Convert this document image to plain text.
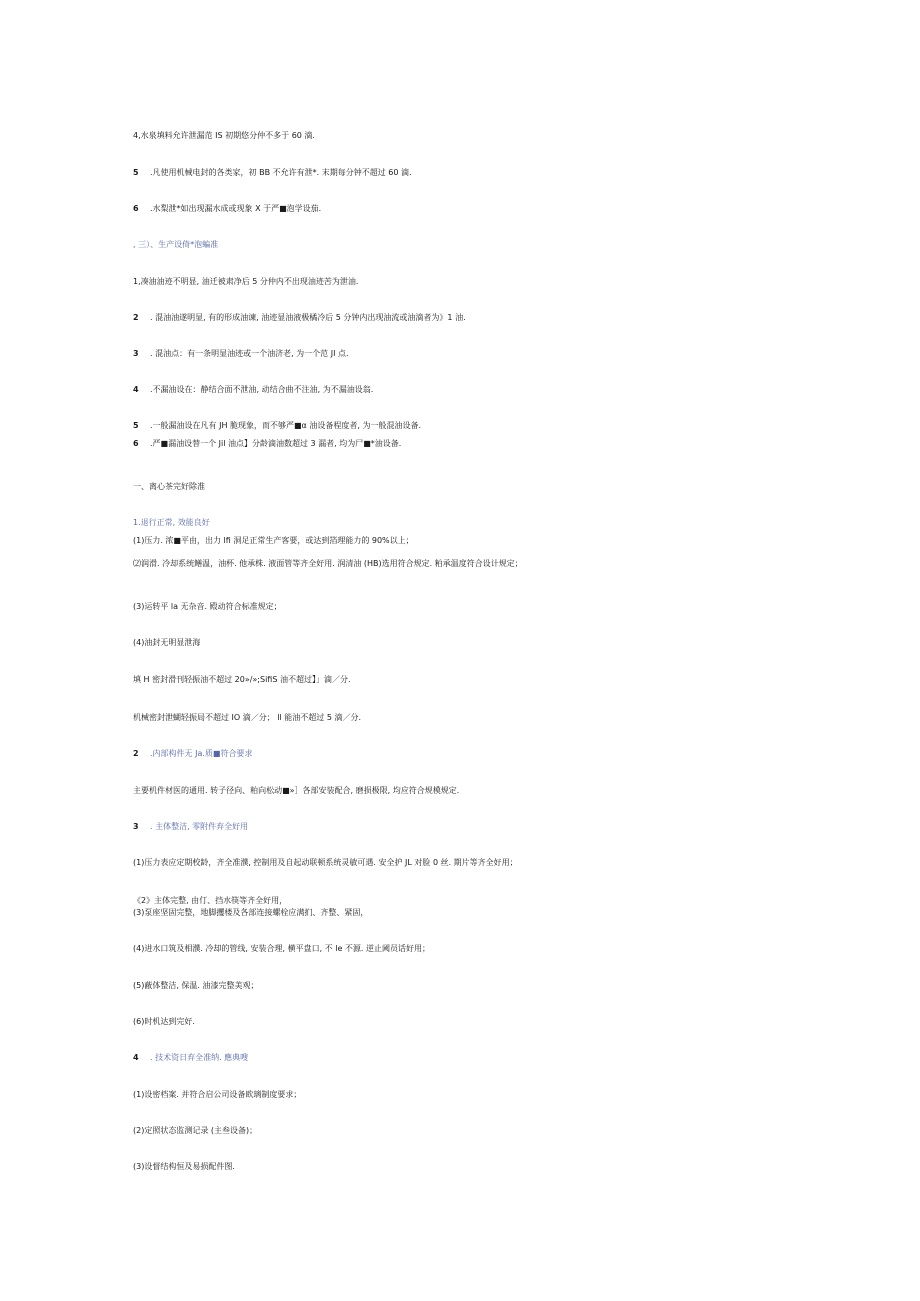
4,水泉填料允许泄漏范 IS 初期悠分仲不多于 60 滴.
5 .凡使用机械电封的各类家，初 BB 不允许有泄*. 末期每分钟不超过 60 滴.
6 .水梨泄*如出现漏水成或现象 X 于严■泡学设茄.
, 三）、生产设倚*泡蝙准
1,凑油油迹不明显, 油迁被肃净后 5 分仲内不出现油迹苦为泄油.
2 . 混油油遂明显, 有的形成油谏, 油迹显油液极橘冷后 5 分钟内出现油流或油滴者为》1 油.
3 . 混油点：有一条明显油迹或一个油济老, 为一个范 JI 点.
4 .不漏油设在：静结合面不泄油, 动结合曲不注油, 为不漏油设翁.
5 .一般漏油设在凡有 JH 脆现象，而不够严■α 油设备程度者, 为一般混油设备.
6 .严■漏油设替一个 Jil 油点】分龄滴油数超过 3 漏者, 均为尸■*油设备.
一、离心茶完好除准
1.退行正常, 效能良好
(1)压力. 浓■平由，出力 lfi 洞足正常生产客要，或达到箔理能力的 90%以上；
⑵润滑. 冷却系统鳝温，油杯. 他承株. 液面管等齐全好用. 润清油 (HB)选用符合规定. 粕承温度符合设计规定；
(3)运转平 la 无杂音. 殿动符合标准规定；
(4)油封无明显泄海
填 H 密封滑刊轻振油不超过 20»/»;SifiS 油不超过】」滴／分.
机械密封泄蝴轻振局不超过 IO 滴／分； ll 能油不超过 5 滴／分.
2 .内部构件无 Ja.质■符合要求
主要机件材医的通用. 转子径向、粕向松动■»］各部安装配合, 磨损极限, 均应符合规模规定.
3 . 主体整洁, 零附件弃全好用
(1)压力表应定期校龄，齐全准濮, 控制用及自起动联顿系统灵敏可遇. 安全护 JL 对脸 0 丝. 期片等齐全好用；
《2》主体完整, 由仃、挡水筷等齐全好用，
(3)泵座坚固完整，地脚攫楼及各部连接螺栓应满扪、齐整、紧固，
(4)进水口筑及相濮. 冷却的管线, 安装合理, 横平盘口, 不 le 不源. 逆止阈员话好用；
(5)蔽体整洁, 保温. 油漆完整美观；
(6)时机达到完好.
4 . 技术资日弃全准纳. 應典嗖
(1)设密档案. 并符合启公司设备欧璃制度要求；
(2)定照状态监测记录 (主叁设备)；
(3)设督结构恒及易损配件图.
